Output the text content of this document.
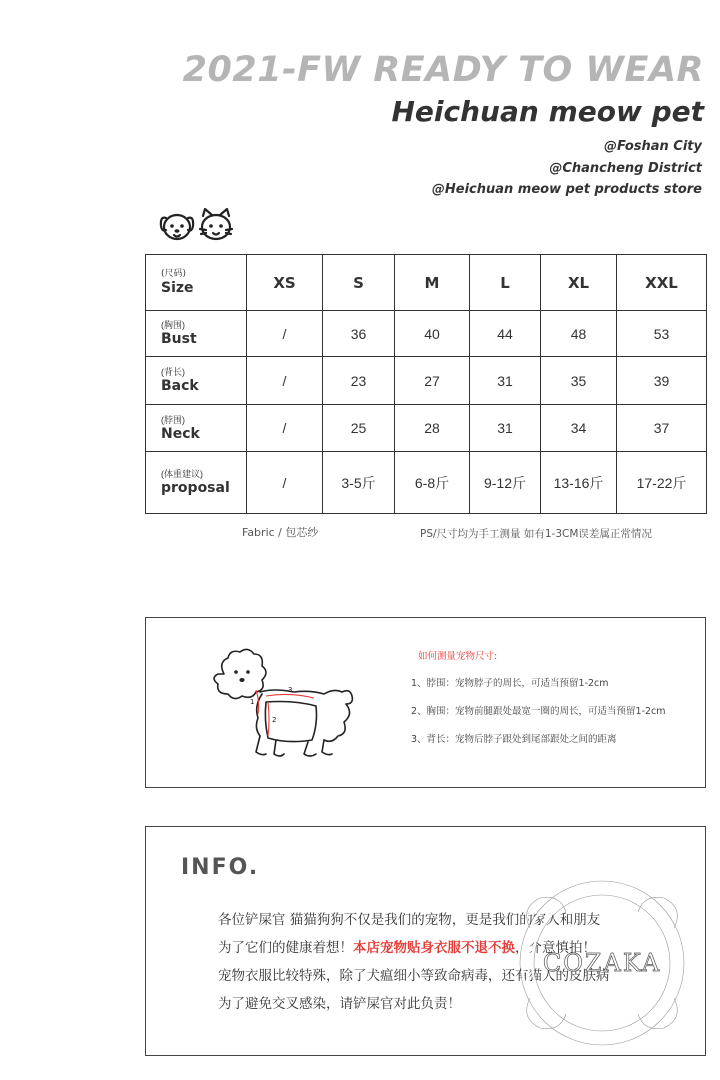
2021-FW READY TO WEAR
Heichuan meow pet
@Foshan City
@Chancheng District
@Heichuan meow pet products store
(尺码)
Size	XS	S	M	L	XL	XXL

(胸围)
Bust	/	36	40	44	48	53

(背长)
Back	/	23	27	31	35	39

(脖围)
Neck	/	25	28	31	34	37

(体重建议)
proposal	/	3-5斤	6-8斤	9-12斤	13-16斤	17-22斤
Fabric / 包芯纱	PS/尺寸均为手工测量 如有1-3CM误差属正常情况
1
2
3
如何测量宠物尺寸:
1、脖围：宠物脖子的周长，可适当预留1-2cm
2、胸围：宠物前腿跟处最宽一圈的周长，可适当预留1-2cm
3、背长：宠物后脖子跟处到尾部跟处之间的距离
INFO.
各位铲屎官 猫猫狗狗不仅是我们的宠物，更是我们的家人和朋友
为了它们的健康着想！本店宠物贴身衣服不退不换，介意慎拍！
宠物衣服比较特殊，除了犬瘟细小等致命病毒，还有猫人的皮肤病
为了避免交叉感染，请铲屎官对此负责！
COZAKA
